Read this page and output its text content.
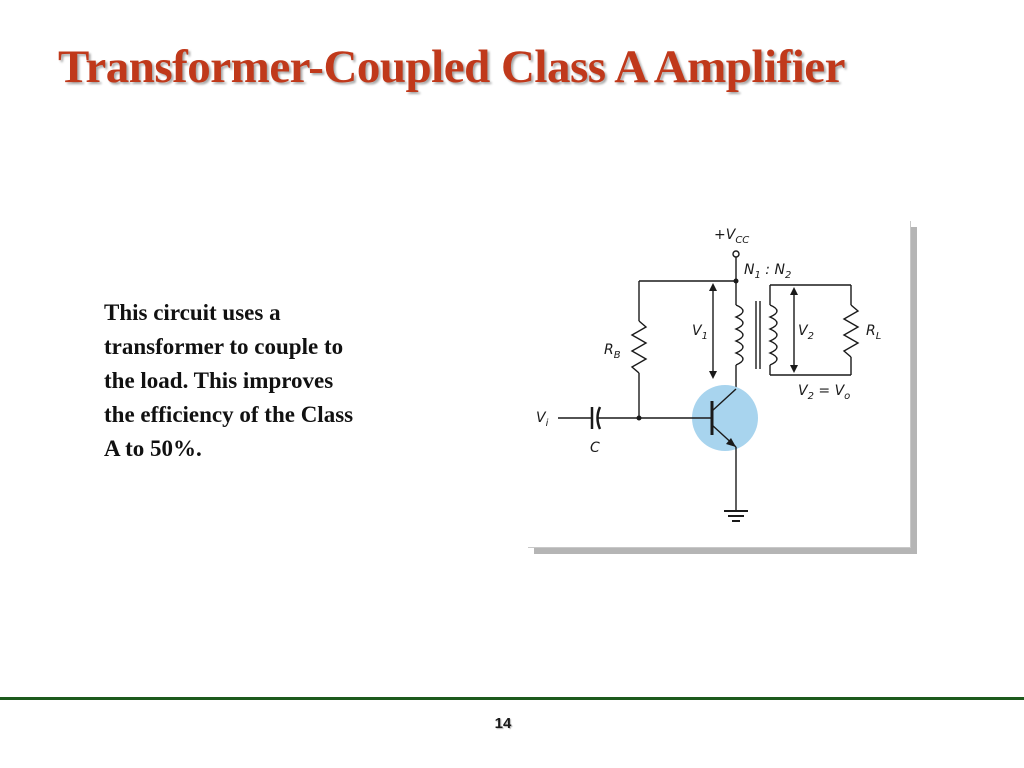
Transformer-Coupled Class A Amplifier

This circuit uses a
transformer to couple to
the load. This improves
the efficiency of the Class
A to 50%.

$+V_{CC}$
$N_1$ : $N_2$
$R_B$
$V_1$	$V_2$	$R_L$
$V_2 = V_o$
$V_i$
C
14
